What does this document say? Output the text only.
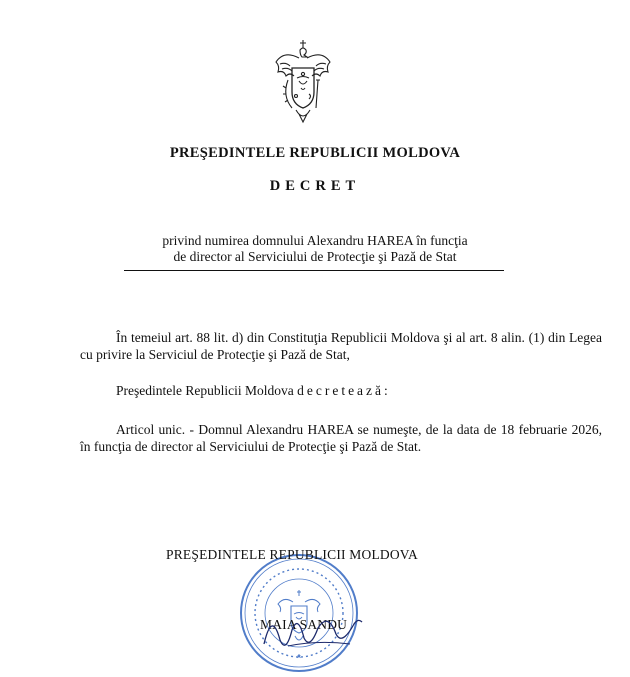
PREŞEDINTELE REPUBLICII MOLDOVA
DECRET
privind numirea domnului Alexandru HAREA în funcţia
de director al Serviciului de Protecţie şi Pază de Stat
În temeiul art. 88 lit. d) din Constituţia Republicii Moldova şi al art. 8 alin. (1) din Legea cu privire la Serviciul de Protecţie şi Pază de Stat,
Preşedintele Republicii Moldova decretează:
Articol unic. - Domnul Alexandru HAREA se numeşte, de la data de 18 februarie 2026, în funcţia de director al Serviciului de Protecţie şi Pază de Stat.
PREŞEDINTELE REPUBLICII MOLDOVA
MAIA SANDU
